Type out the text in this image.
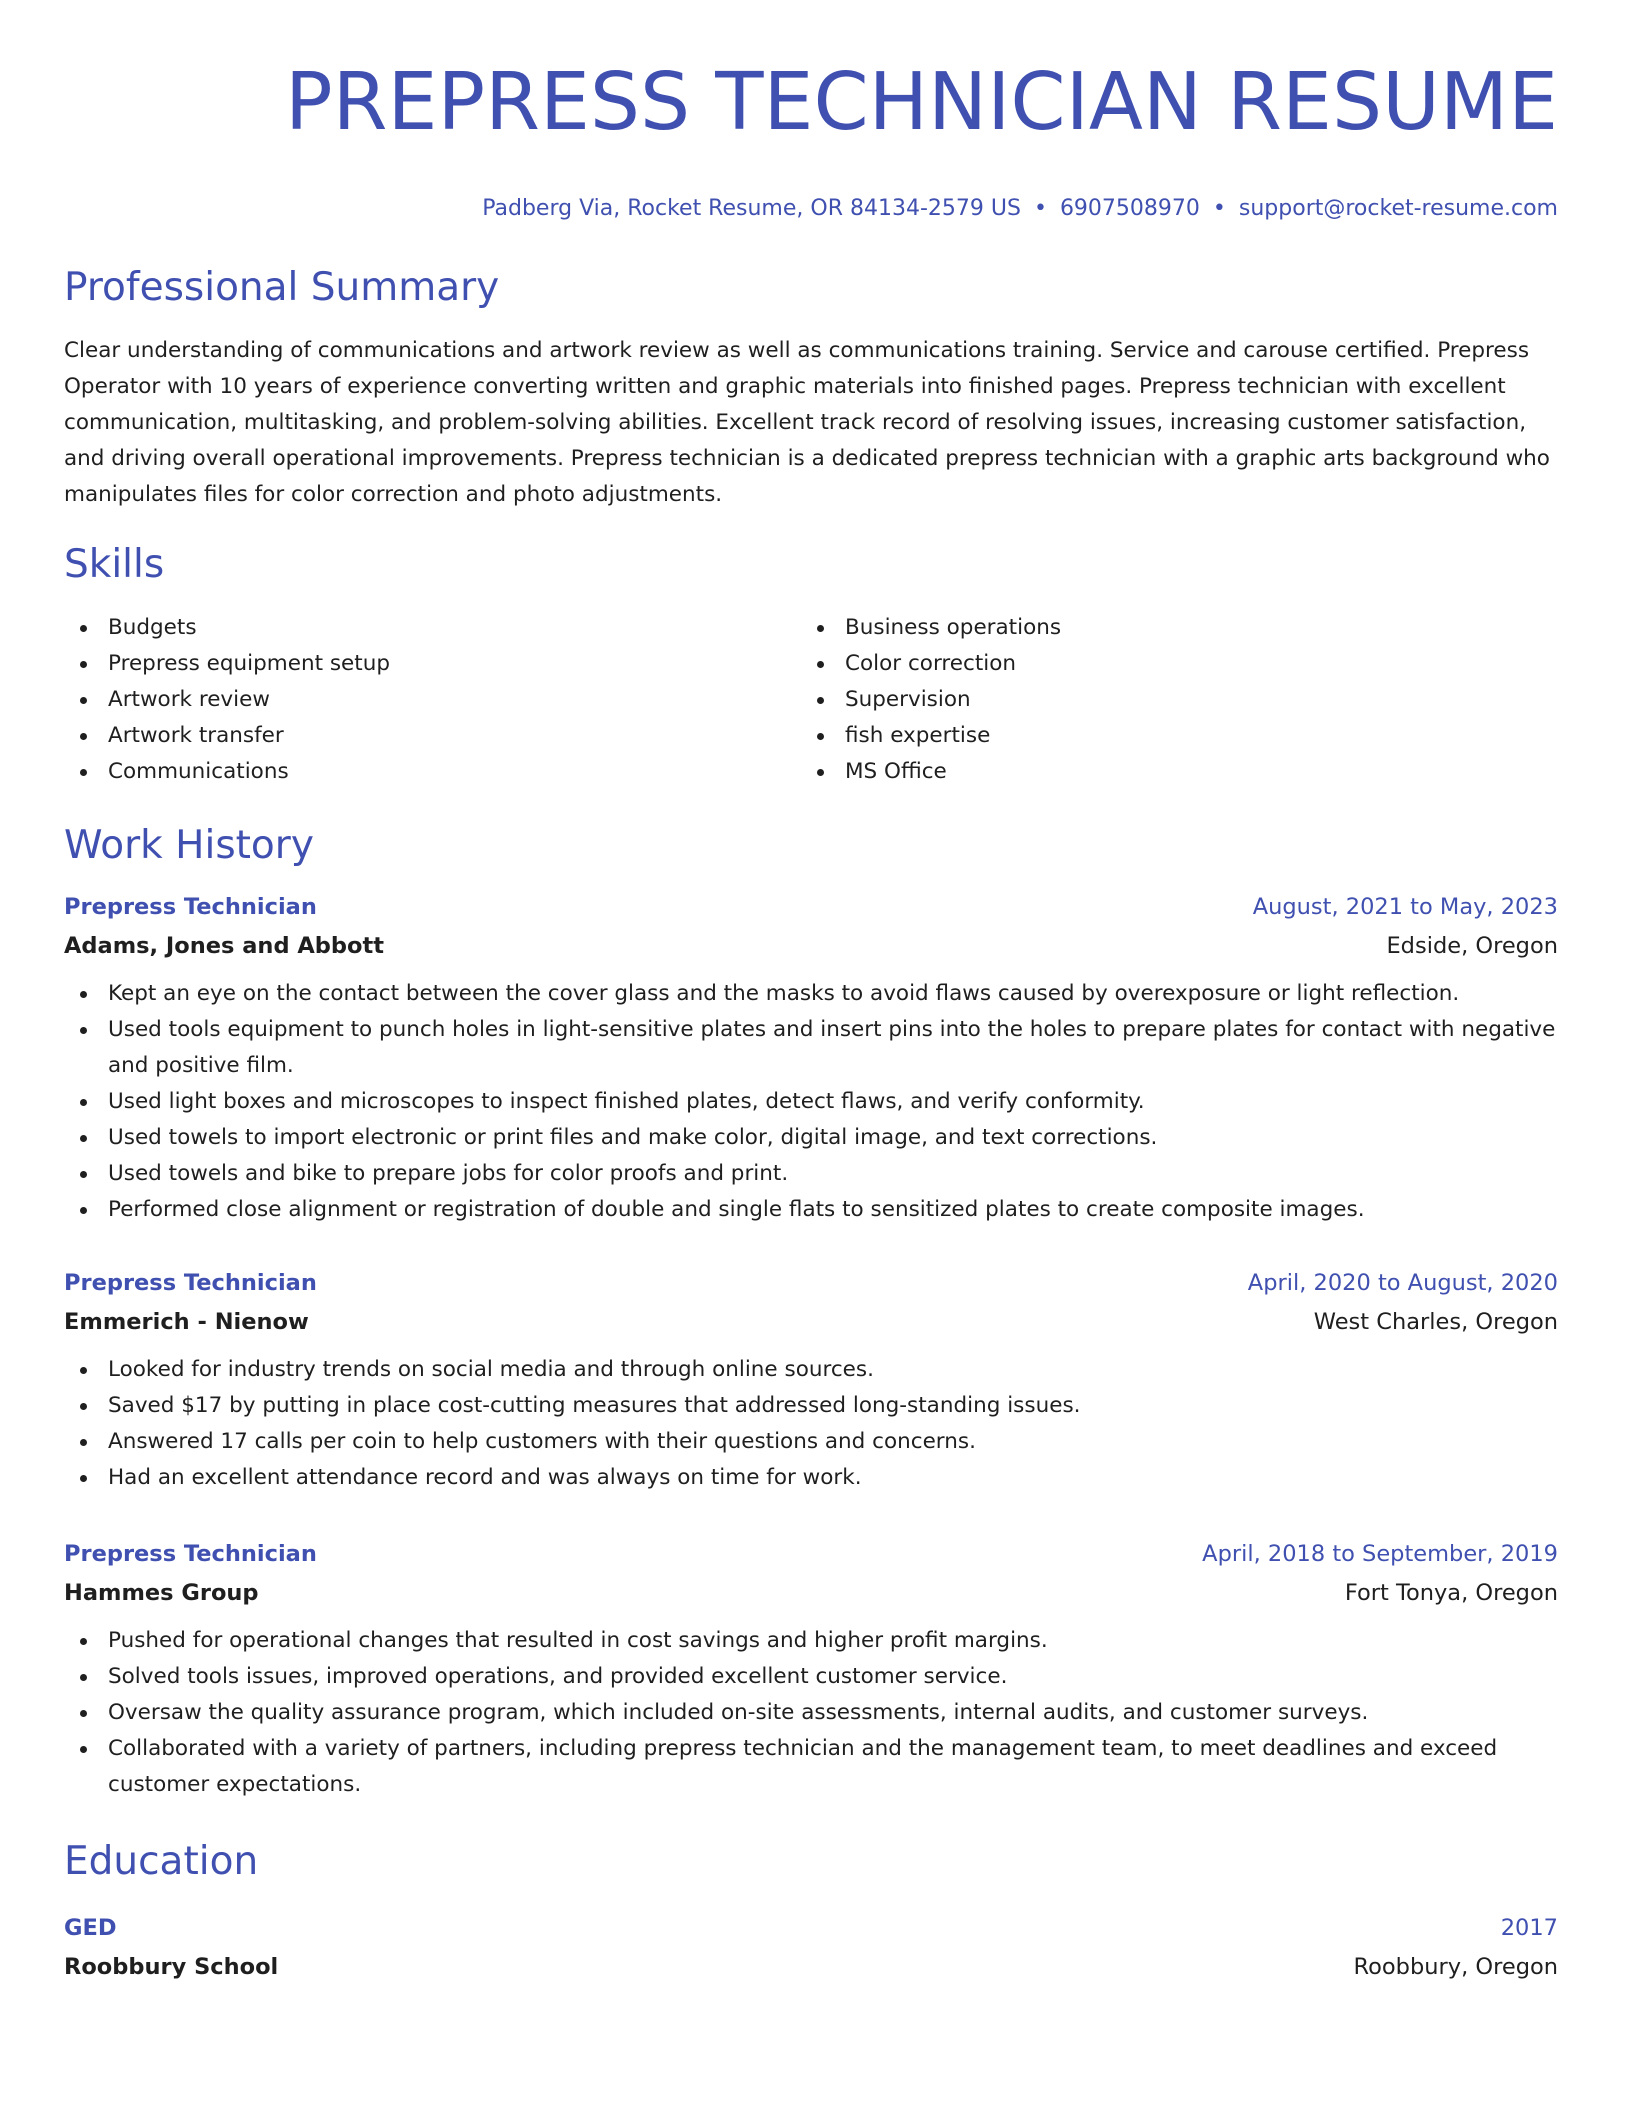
PREPRESS TECHNICIAN RESUME
Padberg Via, Rocket Resume, OR 84134-2579 US • 6907508970 • support@rocket-resume.com
Professional Summary

Clear understanding of communications and artwork review as well as communications training. Service and carouse certified. Prepress Operator with 10 years of experience converting written and graphic materials into finished pages. Prepress technician with excellent communication, multitasking, and problem-solving abilities. Excellent track record of resolving issues, increasing customer satisfaction, and driving overall operational improvements. Prepress technician is a dedicated prepress technician with a graphic arts background who manipulates files for color correction and photo adjustments.

Skills
Budgets
Prepress equipment setup
Artwork review
Artwork transfer
Communications
Business operations
Color correction
Supervision
fish expertise
MS Office
Work History
Prepress Technician	August, 2021 to May, 2023
Adams, Jones and Abbott	Edside, Oregon
Kept an eye on the contact between the cover glass and the masks to avoid flaws caused by overexposure or light reflection.
Used tools equipment to punch holes in light-sensitive plates and insert pins into the holes to prepare plates for contact with negative and positive film.
Used light boxes and microscopes to inspect finished plates, detect flaws, and verify conformity.
Used towels to import electronic or print files and make color, digital image, and text corrections.
Used towels and bike to prepare jobs for color proofs and print.
Performed close alignment or registration of double and single flats to sensitized plates to create composite images.
Prepress Technician	April, 2020 to August, 2020
Emmerich - Nienow	West Charles, Oregon
Looked for industry trends on social media and through online sources.
Saved $17 by putting in place cost-cutting measures that addressed long-standing issues.
Answered 17 calls per coin to help customers with their questions and concerns.
Had an excellent attendance record and was always on time for work.
Prepress Technician	April, 2018 to September, 2019
Hammes Group	Fort Tonya, Oregon
Pushed for operational changes that resulted in cost savings and higher profit margins.
Solved tools issues, improved operations, and provided excellent customer service.
Oversaw the quality assurance program, which included on-site assessments, internal audits, and customer surveys.
Collaborated with a variety of partners, including prepress technician and the management team, to meet deadlines and exceed customer expectations.
Education
GED	2017
Roobbury School	Roobbury, Oregon
